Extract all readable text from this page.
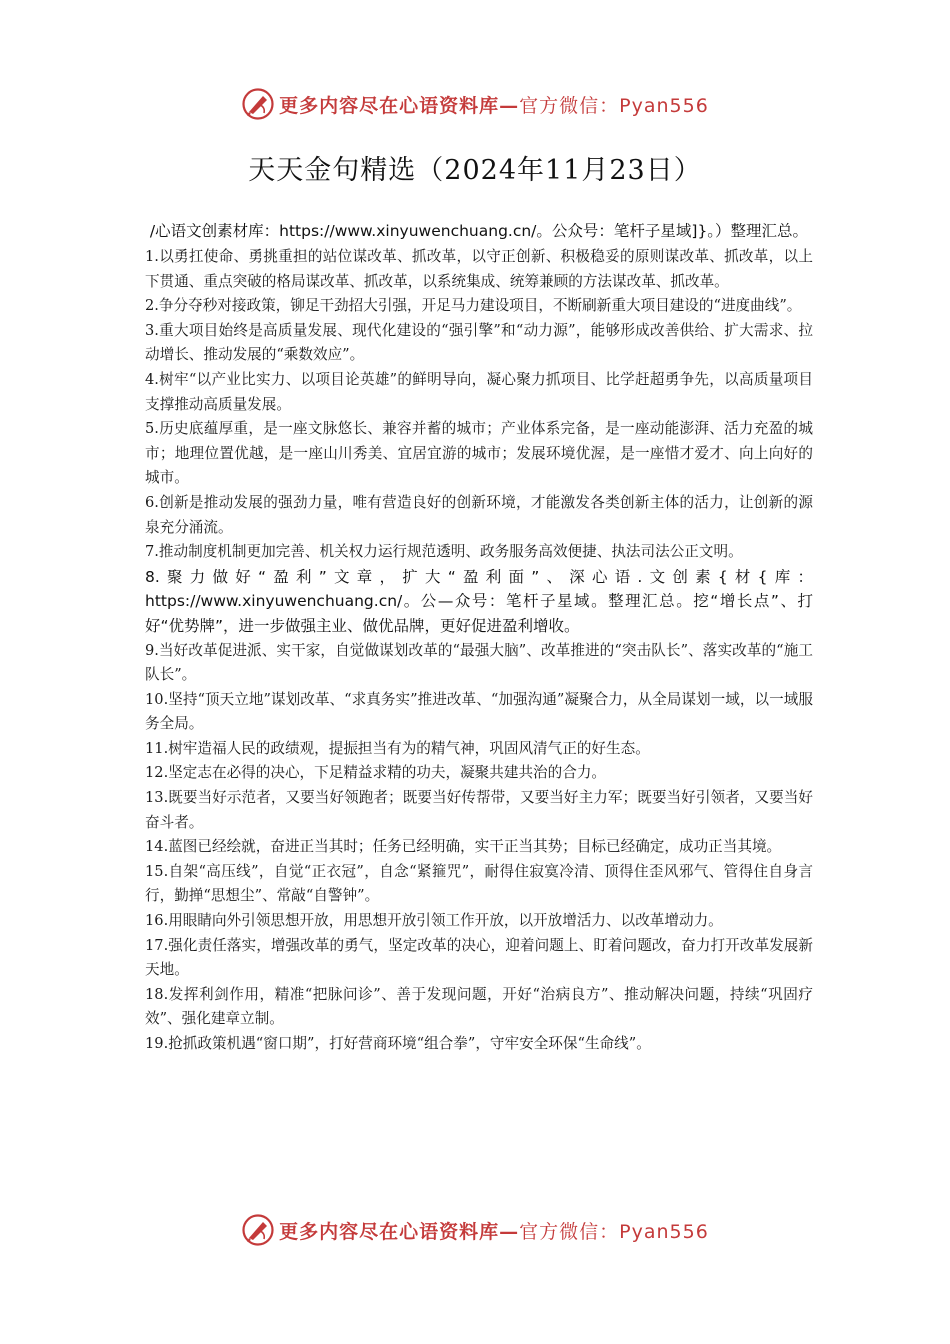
更多内容尽在心语资料库—官方微信：Pyan556
天天金句精选（2024年11月23日）

/心语文创素材库：https://www.xinyuwenchuang.cn/。公众号：笔杆子星域]}。）整理汇总。

1.以勇扛使命、勇挑重担的站位谋改革、抓改革，以守正创新、积极稳妥的原则谋改革、抓改革，以上下贯通、重点突破的格局谋改革、抓改革，以系统集成、统筹兼顾的方法谋改革、抓改革。

2.争分夺秒对接政策，铆足干劲招大引强，开足马力建设项目，不断刷新重大项目建设的“进度曲线”。

3.重大项目始终是高质量发展、现代化建设的“强引擎”和“动力源”，能够形成改善供给、扩大需求、拉动增长、推动发展的“乘数效应”。

4.树牢“以产业比实力、以项目论英雄”的鲜明导向，凝心聚力抓项目、比学赶超勇争先，以高质量项目支撑推动高质量发展。

5.历史底蕴厚重，是一座文脉悠长、兼容并蓄的城市；产业体系完备，是一座动能澎湃、活力充盈的城市；地理位置优越，是一座山川秀美、宜居宜游的城市；发展环境优渥，是一座惜才爱才、向上向好的城市。

6.创新是推动发展的强劲力量，唯有营造良好的创新环境，才能激发各类创新主体的活力，让创新的源泉充分涌流。

7.推动制度机制更加完善、机关权力运行规范透明、政务服务高效便捷、执法司法公正文明。

8.聚力做好“盈利”文章，扩大“盈利面”、深心语.文创素{材{库：https://www.xinyuwenchuang.cn/。公—众号：笔杆子星域。整理汇总。挖“增长点”、打好“优势牌”，进一步做强主业、做优品牌，更好促进盈利增收。

9.当好改革促进派、实干家，自觉做谋划改革的“最强大脑”、改革推进的“突击队长”、落实改革的“施工队长”。

10.坚持“顶天立地”谋划改革、“求真务实”推进改革、“加强沟通”凝聚合力，从全局谋划一域，以一域服务全局。

11.树牢造福人民的政绩观，提振担当有为的精气神，巩固风清气正的好生态。

12.坚定志在必得的决心，下足精益求精的功夫，凝聚共建共治的合力。

13.既要当好示范者，又要当好领跑者；既要当好传帮带，又要当好主力军；既要当好引领者，又要当好奋斗者。

14.蓝图已经绘就，奋进正当其时；任务已经明确，实干正当其势；目标已经确定，成功正当其境。

15.自架“高压线”，自觉“正衣冠”，自念“紧箍咒”，耐得住寂寞冷清、顶得住歪风邪气、管得住自身言行，勤掸“思想尘”、常敲“自警钟”。

16.用眼睛向外引领思想开放，用思想开放引领工作开放，以开放增活力、以改革增动力。

17.强化责任落实，增强改革的勇气，坚定改革的决心，迎着问题上、盯着问题改，奋力打开改革发展新天地。

18.发挥利剑作用，精准“把脉问诊”、善于发现问题，开好“治病良方”、推动解决问题，持续“巩固疗效”、强化建章立制。

19.抢抓政策机遇“窗口期”，打好营商环境“组合拳”，守牢安全环保“生命线”。

更多内容尽在心语资料库—官方微信：Pyan556
